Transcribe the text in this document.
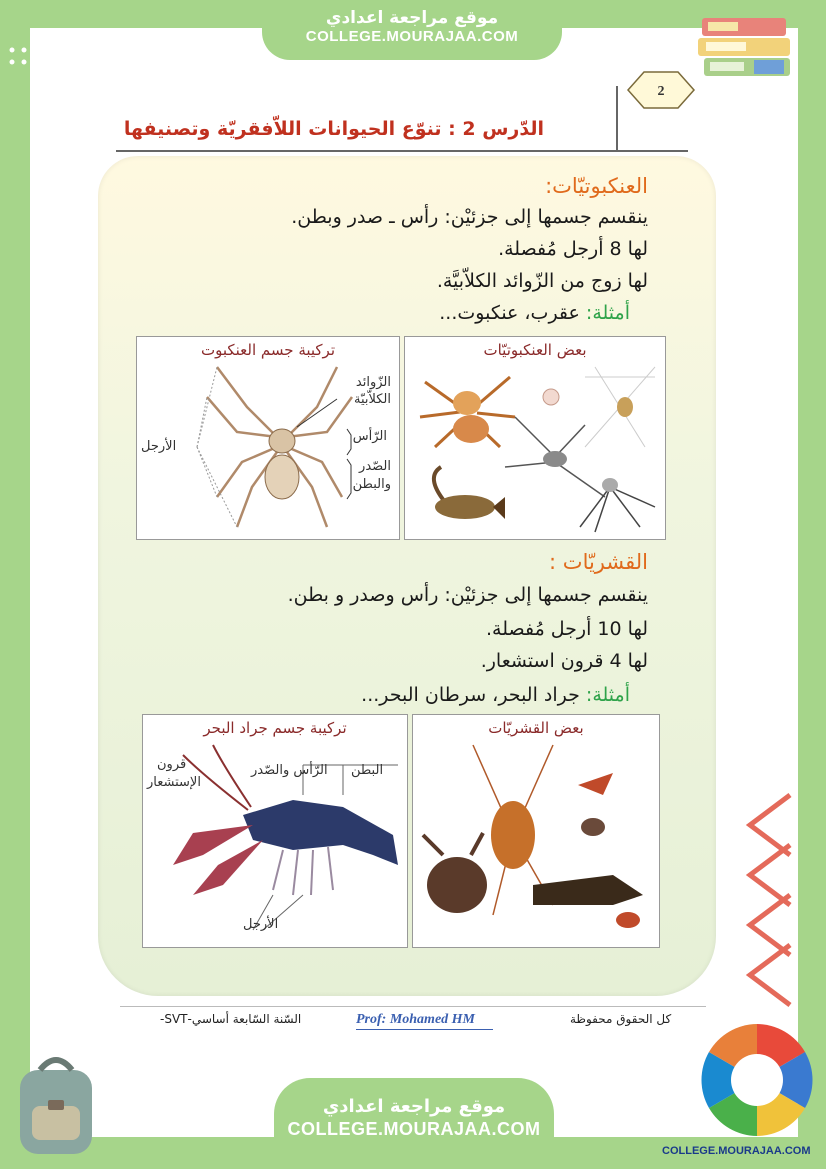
موقع مراجعة اعدادي
COLLEGE.MOURAJAA.COM
2
الدّرس 2 : تنوّع الحيوانات اللاّفقريّة وتصنيفها
العنكبوتيّات:
ينقسم جسمها إلى جزئيْن: رأس ـ صدر وبطن.
لها 8 أرجل مُفصلة.
لها زوج من الزّوائد الكلاّبيَّة.
أمثلة: عقرب، عنكبوت...
تركيبة جسم العنكبوت
الزّوائد
الكلاّبيّة
الرّأس
الصّدر
والبطن
الأرجل
بعض العنكبوتيّات
القشريّات :
ينقسم جسمها إلى جزئيْن: رأس وصدر و بطن.
لها 10 أرجل مُفصلة.
لها 4 قرون استشعار.
أمثلة: جراد البحر، سرطان البحر...
تركيبة جسم جراد البحر
قرون
الإستشعار
الرّأس والصّدر البطن
الأرجل
بعض القشريّات
كل الحقوق محفوظة
Prof: Mohamed HM
السّنة السّابعة أساسي-SVT-
موقع مراجعة اعدادي
COLLEGE.MOURAJAA.COM
COLLEGE.MOURAJAA.COM
